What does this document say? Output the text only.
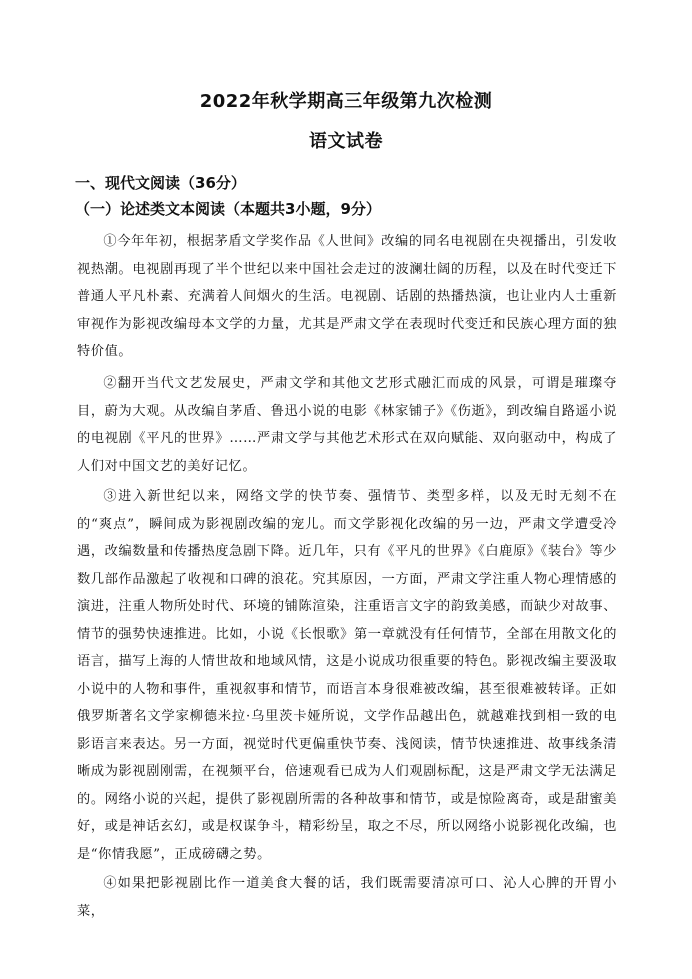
2022年秋学期高三年级第九次检测
语文试卷
一、现代文阅读（36分）
（一）论述类文本阅读（本题共3小题，9分）
①今年年初，根据茅盾文学奖作品《人世间》改编的同名电视剧在央视播出，引发收视热潮。电视剧再现了半个世纪以来中国社会走过的波澜壮阔的历程，以及在时代变迁下普通人平凡朴素、充满着人间烟火的生活。电视剧、话剧的热播热演，也让业内人士重新审视作为影视改编母本文学的力量，尤其是严肃文学在表现时代变迁和民族心理方面的独特价值。
②翻开当代文艺发展史，严肃文学和其他文艺形式融汇而成的风景，可谓是璀璨夺目，蔚为大观。从改编自茅盾、鲁迅小说的电影《林家铺子》《伤逝》，到改编自路遥小说的电视剧《平凡的世界》……严肃文学与其他艺术形式在双向赋能、双向驱动中，构成了人们对中国文艺的美好记忆。
③进入新世纪以来，网络文学的快节奏、强情节、类型多样，以及无时无刻不在的“爽点”，瞬间成为影视剧改编的宠儿。而文学影视化改编的另一边，严肃文学遭受冷遇，改编数量和传播热度急剧下降。近几年，只有《平凡的世界》《白鹿原》《装台》等少数几部作品激起了收视和口碑的浪花。究其原因，一方面，严肃文学注重人物心理情感的演进，注重人物所处时代、环境的铺陈渲染，注重语言文字的韵致美感，而缺少对故事、情节的强势快速推进。比如，小说《长恨歌》第一章就没有任何情节，全部在用散文化的语言，描写上海的人情世故和地域风情，这是小说成功很重要的特色。影视改编主要汲取小说中的人物和事件，重视叙事和情节，而语言本身很难被改编，甚至很难被转译。正如俄罗斯著名文学家柳德米拉·乌里茨卡娅所说，文学作品越出色，就越难找到相一致的电影语言来表达。另一方面，视觉时代更偏重快节奏、浅阅读，情节快速推进、故事线条清晰成为影视剧刚需，在视频平台，倍速观看已成为人们观剧标配，这是严肃文学无法满足的。网络小说的兴起，提供了影视剧所需的各种故事和情节，或是惊险离奇，或是甜蜜美好，或是神话玄幻，或是权谋争斗，精彩纷呈，取之不尽，所以网络小说影视化改编，也是“你情我愿”，正成磅礴之势。
④如果把影视剧比作一道美食大餐的话，我们既需要清凉可口、沁人心脾的开胃小菜，
